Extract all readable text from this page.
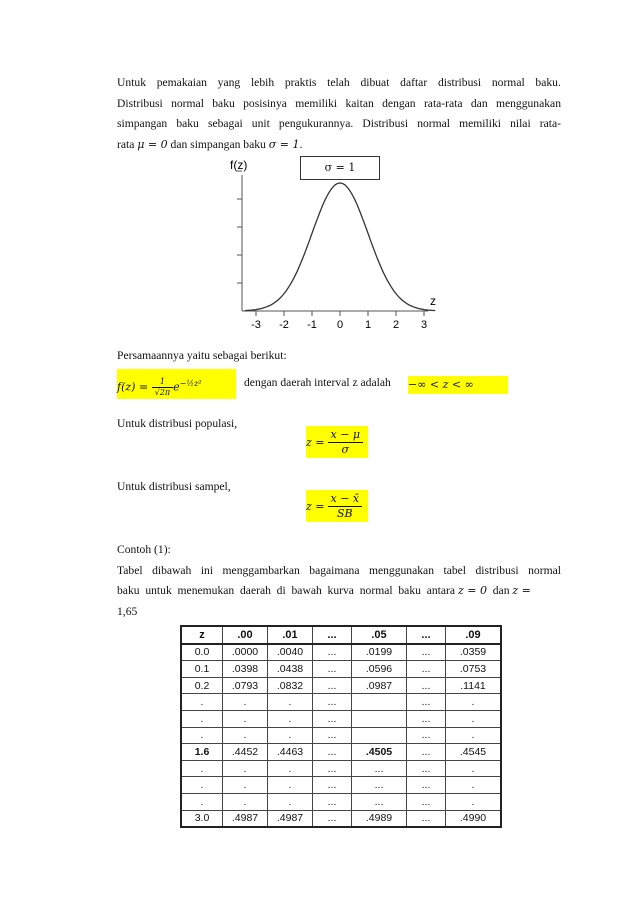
Untuk pemakaian yang lebih praktis telah dibuat daftar distribusi normal baku.
Distribusi normal baku posisinya memiliki kaitan dengan rata-rata dan menggunakan
simpangan baku sebagai unit pengukurannya. Distribusi normal memiliki nilai rata-
rata μ = 0 dan simpangan baku σ = 1.
f(z)
-3 -2 -1 0 1 2 3
z
σ = 1
Persamaannya yaitu sebagai berikut:
$f(z) = \frac{1}{√2\pi} e^{-\frac{1}{2}z^2}$	dengan daerah interval z adalah −∞ < z < ∞
Untuk distribusi populasi,
$z = \frac{x - \mu}{\sigma}$
Untuk distribusi sampel,
$z = \frac{x - x̄}{SB}$
Contoh (1):
Tabel dibawah ini menggambarkan bagaimana menggunakan tabel distribusi normal
baku  untuk  menemukan  daerah  di  bawah  kurva  normal  baku  antara z = 0  dan z =
1,65
z	.00	.01	...	.05	...	.09
0.0	.0000	.0040	...	.0199	...	.0359
0.1	.0398	.0438	...	.0596	...	.0753
0.2	.0793	.0832	...	.0987	...	.1141
.	.	.	...		...	.
.	.	.	...		...	.
.	.	.	...		...	.
1.6	.4452	.4463	...	.4505	...	.4545
.	.	.	...	...	...	.
.	.	.	...	...	...	.
.	.	.	...	...	...	.
3.0	.4987	.4987	...	.4989	...	.4990
